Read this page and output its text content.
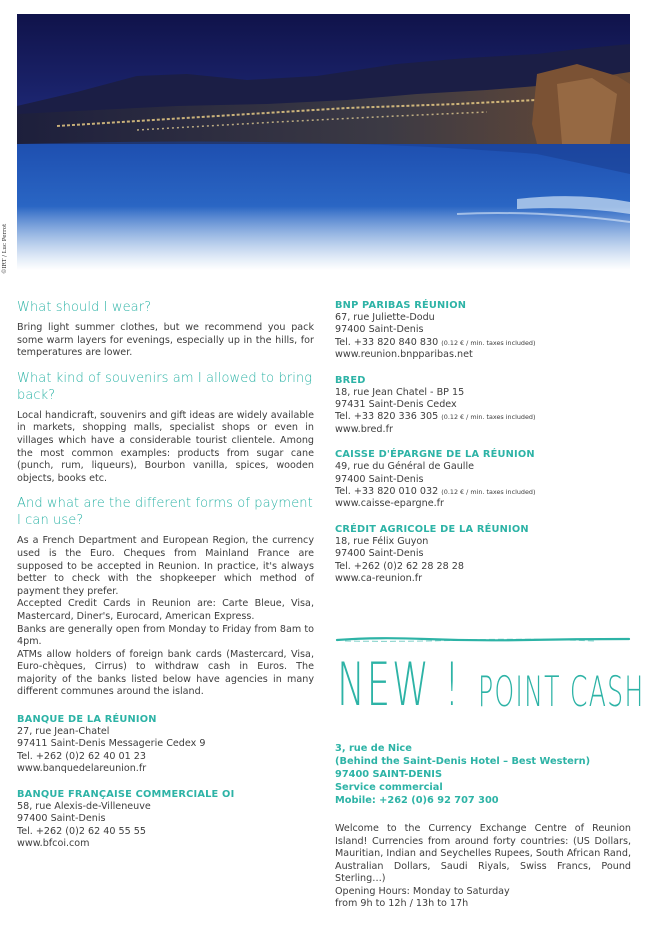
©IRT / Luc Perrot
What should I wear?
Bring light summer clothes, but we recommend you pack some warm layers for evenings, especially up in the hills, for temperatures are lower.
What kind of souvenirs am I allowed to bring back?
Local handicraft, souvenirs and gift ideas are widely available in markets, shopping malls, specialist shops or even in villages which have a considerable tourist clientele. Among the most common examples: products from sugar cane (punch, rum, liqueurs), Bourbon vanilla, spices, wooden objects, books etc.
And what are the different forms of payment I can use?
As a French Department and European Region, the currency used is the Euro. Cheques from Mainland France are supposed to be accepted in Reunion. In practice, it's always better to check with the shopkeeper which method of payment they prefer.
Accepted Credit Cards in Reunion are: Carte Bleue, Visa, Mastercard, Diner's, Eurocard, American Express.
Banks are generally open from Monday to Friday from 8am to 4pm.
ATMs allow holders of foreign bank cards (Mastercard, Visa, Euro-chèques, Cirrus) to withdraw cash in Euros. The majority of the banks listed below have agencies in many different communes around the island.
BANQUE DE LA RÉUNION
27, rue Jean-Chatel
97411 Saint-Denis Messagerie Cedex 9
Tel. +262 (0)2 62 40 01 23
www.banquedelareunion.fr
BANQUE FRANÇAISE COMMERCIALE OI
58, rue Alexis-de-Villeneuve
97400 Saint-Denis
Tel. +262 (0)2 62 40 55 55
www.bfcoi.com
BNP PARIBAS RÉUNION
67, rue Juliette-Dodu
97400 Saint-Denis
Tel. +33 820 840 830 (0.12 € / min. taxes included)
www.reunion.bnpparibas.net
BRED
18, rue Jean Chatel - BP 15
97431 Saint-Denis Cedex
Tel. +33 820 336 305 (0.12 € / min. taxes included)
www.bred.fr
CAISSE D'ÉPARGNE DE LA RÉUNION
49, rue du Général de Gaulle
97400 Saint-Denis
Tel. +33 820 010 032 (0.12 € / min. taxes included)
www.caisse-epargne.fr
CRÉDIT AGRICOLE DE LA RÉUNION
18, rue Félix Guyon
97400 Saint-Denis
Tel. +262 (0)2 62 28 28 28
www.ca-reunion.fr
NEW ! POINT CASH
3, rue de Nice
(Behind the Saint-Denis Hotel – Best Western)
97400 SAINT-DENIS
Service commercial
Mobile: +262 (0)6 92 707 300
Welcome to the Currency Exchange Centre of Reunion Island! Currencies from around forty countries: (US Dollars, Mauritian, Indian and Seychelles Rupees, South African Rand, Australian Dollars, Saudi Riyals, Swiss Francs, Pound Sterling…)
Opening Hours: Monday to Saturday
from 9h to 12h / 13h to 17h
